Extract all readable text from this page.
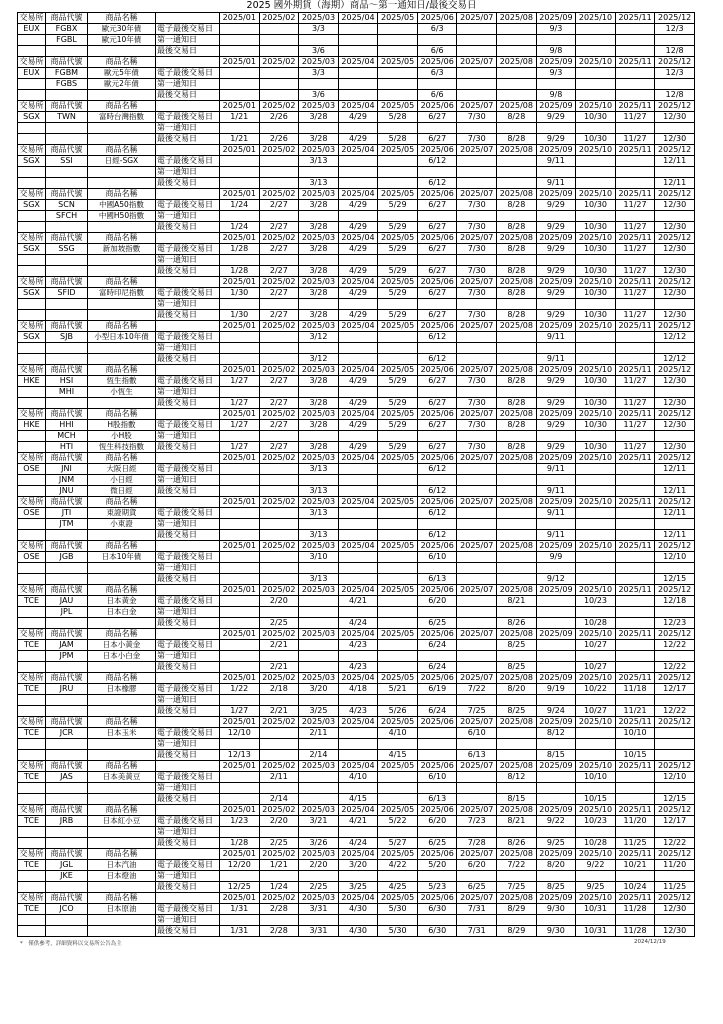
2025 國外期貨（海期）商品～第一通知日/最後交易日
交易所	商品代號	商品名稱		2025/01	2025/02	2025/03	2025/04	2025/05	2025/06	2025/07	2025/08	2025/09	2025/10	2025/11	2025/12
EUX	FGBX	歐元30年債	電子最後交易日			3/3			6/3			9/3			12/3
	FGBL	歐元10年債	第一通知日												
			最後交易日			3/6			6/6			9/8			12/8
交易所	商品代號	商品名稱		2025/01	2025/02	2025/03	2025/04	2025/05	2025/06	2025/07	2025/08	2025/09	2025/10	2025/11	2025/12
EUX	FGBM	歐元5年債	電子最後交易日			3/3			6/3			9/3			12/3
	FGBS	歐元2年債	第一通知日												
			最後交易日			3/6			6/6			9/8			12/8
交易所	商品代號	商品名稱		2025/01	2025/02	2025/03	2025/04	2025/05	2025/06	2025/07	2025/08	2025/09	2025/10	2025/11	2025/12
SGX	TWN	富時台灣指數	電子最後交易日	1/21	2/26	3/28	4/29	5/28	6/27	7/30	8/28	9/29	10/30	11/27	12/30
			第一通知日												
			最後交易日	1/21	2/26	3/28	4/29	5/28	6/27	7/30	8/28	9/29	10/30	11/27	12/30
交易所	商品代號	商品名稱		2025/01	2025/02	2025/03	2025/04	2025/05	2025/06	2025/07	2025/08	2025/09	2025/10	2025/11	2025/12
SGX	SSI	日經-SGX	電子最後交易日			3/13			6/12			9/11			12/11
			第一通知日												
			最後交易日			3/13			6/12			9/11			12/11
交易所	商品代號	商品名稱		2025/01	2025/02	2025/03	2025/04	2025/05	2025/06	2025/07	2025/08	2025/09	2025/10	2025/11	2025/12
SGX	SCN	中國A50指數	電子最後交易日	1/24	2/27	3/28	4/29	5/29	6/27	7/30	8/28	9/29	10/30	11/27	12/30
	SFCH	中國H50指數	第一通知日												
			最後交易日	1/24	2/27	3/28	4/29	5/29	6/27	7/30	8/28	9/29	10/30	11/27	12/30
交易所	商品代號	商品名稱		2025/01	2025/02	2025/03	2025/04	2025/05	2025/06	2025/07	2025/08	2025/09	2025/10	2025/11	2025/12
SGX	SSG	新加坡指數	電子最後交易日	1/28	2/27	3/28	4/29	5/29	6/27	7/30	8/28	9/29	10/30	11/27	12/30
			第一通知日												
			最後交易日	1/28	2/27	3/28	4/29	5/29	6/27	7/30	8/28	9/29	10/30	11/27	12/30
交易所	商品代號	商品名稱		2025/01	2025/02	2025/03	2025/04	2025/05	2025/06	2025/07	2025/08	2025/09	2025/10	2025/11	2025/12
SGX	SFID	富時印尼指數	電子最後交易日	1/30	2/27	3/28	4/29	5/29	6/27	7/30	8/28	9/29	10/30	11/27	12/30
			第一通知日												
			最後交易日	1/30	2/27	3/28	4/29	5/29	6/27	7/30	8/28	9/29	10/30	11/27	12/30
交易所	商品代號	商品名稱		2025/01	2025/02	2025/03	2025/04	2025/05	2025/06	2025/07	2025/08	2025/09	2025/10	2025/11	2025/12
SGX	SJB	小型日本10年債	電子最後交易日			3/12			6/12			9/11			12/12
			第一通知日												
			最後交易日			3/12			6/12			9/11			12/12
交易所	商品代號	商品名稱		2025/01	2025/02	2025/03	2025/04	2025/05	2025/06	2025/07	2025/08	2025/09	2025/10	2025/11	2025/12
HKE	HSI	恆生指數	電子最後交易日	1/27	2/27	3/28	4/29	5/29	6/27	7/30	8/28	9/29	10/30	11/27	12/30
	MHI	小恆生	第一通知日												
			最後交易日	1/27	2/27	3/28	4/29	5/29	6/27	7/30	8/28	9/29	10/30	11/27	12/30
交易所	商品代號	商品名稱		2025/01	2025/02	2025/03	2025/04	2025/05	2025/06	2025/07	2025/08	2025/09	2025/10	2025/11	2025/12
HKE	HHI	H股指數	電子最後交易日	1/27	2/27	3/28	4/29	5/29	6/27	7/30	8/28	9/29	10/30	11/27	12/30
	MCH	小H股	第一通知日												
	HTI	恆生科技指數	最後交易日	1/27	2/27	3/28	4/29	5/29	6/27	7/30	8/28	9/29	10/30	11/27	12/30
交易所	商品代號	商品名稱		2025/01	2025/02	2025/03	2025/04	2025/05	2025/06	2025/07	2025/08	2025/09	2025/10	2025/11	2025/12
OSE	JNI	大阪日經	電子最後交易日			3/13			6/12			9/11			12/11
	JNM	小日經	第一通知日												
	JNU	微日經	最後交易日			3/13			6/12			9/11			12/11
交易所	商品代號	商品名稱		2025/01	2025/02	2025/03	2025/04	2025/05	2025/06	2025/07	2025/08	2025/09	2025/10	2025/11	2025/12
OSE	JTI	東證期貨	電子最後交易日			3/13			6/12			9/11			12/11
	JTM	小東證	第一通知日												
			最後交易日			3/13			6/12			9/11			12/11
交易所	商品代號	商品名稱		2025/01	2025/02	2025/03	2025/04	2025/05	2025/06	2025/07	2025/08	2025/09	2025/10	2025/11	2025/12
OSE	JGB	日本10年債	電子最後交易日			3/10			6/10			9/9			12/10
			第一通知日												
			最後交易日			3/13			6/13			9/12			12/15
交易所	商品代號	商品名稱		2025/01	2025/02	2025/03	2025/04	2025/05	2025/06	2025/07	2025/08	2025/09	2025/10	2025/11	2025/12
TCE	JAU	日本黃金	電子最後交易日		2/20		4/21		6/20		8/21		10/23		12/18
	JPL	日本白金	第一通知日												
			最後交易日		2/25		4/24		6/25		8/26		10/28		12/23
交易所	商品代號	商品名稱		2025/01	2025/02	2025/03	2025/04	2025/05	2025/06	2025/07	2025/08	2025/09	2025/10	2025/11	2025/12
TCE	JAM	日本小黃金	電子最後交易日		2/21		4/23		6/24		8/25		10/27		12/22
	JPM	日本小白金	第一通知日												
			最後交易日		2/21		4/23		6/24		8/25		10/27		12/22
交易所	商品代號	商品名稱		2025/01	2025/02	2025/03	2025/04	2025/05	2025/06	2025/07	2025/08	2025/09	2025/10	2025/11	2025/12
TCE	JRU	日本橡膠	電子最後交易日	1/22	2/18	3/20	4/18	5/21	6/19	7/22	8/20	9/19	10/22	11/18	12/17
			第一通知日												
			最後交易日	1/27	2/21	3/25	4/23	5/26	6/24	7/25	8/25	9/24	10/27	11/21	12/22
交易所	商品代號	商品名稱		2025/01	2025/02	2025/03	2025/04	2025/05	2025/06	2025/07	2025/08	2025/09	2025/10	2025/11	2025/12
TCE	JCR	日本玉米	電子最後交易日	12/10		2/11		4/10		6/10		8/12		10/10	
			第一通知日												
			最後交易日	12/13		2/14		4/15		6/13		8/15		10/15	
交易所	商品代號	商品名稱		2025/01	2025/02	2025/03	2025/04	2025/05	2025/06	2025/07	2025/08	2025/09	2025/10	2025/11	2025/12
TCE	JAS	日本美黃豆	電子最後交易日		2/11		4/10		6/10		8/12		10/10		12/10
			第一通知日												
			最後交易日		2/14		4/15		6/13		8/15		10/15		12/15
交易所	商品代號	商品名稱		2025/01	2025/02	2025/03	2025/04	2025/05	2025/06	2025/07	2025/08	2025/09	2025/10	2025/11	2025/12
TCE	JRB	日本紅小豆	電子最後交易日	1/23	2/20	3/21	4/21	5/22	6/20	7/23	8/21	9/22	10/23	11/20	12/17
			第一通知日												
			最後交易日	1/28	2/25	3/26	4/24	5/27	6/25	7/28	8/26	9/25	10/28	11/25	12/22
交易所	商品代號	商品名稱		2025/01	2025/02	2025/03	2025/04	2025/05	2025/06	2025/07	2025/08	2025/09	2025/10	2025/11	2025/12
TCE	JGL	日本汽油	電子最後交易日	12/20	1/21	2/20	3/20	4/22	5/20	6/20	7/22	8/20	9/22	10/21	11/20
	JKE	日本燈油	第一通知日												
			最後交易日	12/25	1/24	2/25	3/25	4/25	5/23	6/25	7/25	8/25	9/25	10/24	11/25
交易所	商品代號	商品名稱		2025/01	2025/02	2025/03	2025/04	2025/05	2025/06	2025/07	2025/08	2025/09	2025/10	2025/11	2025/12
TCE	JCO	日本原油	電子最後交易日	1/31	2/28	3/31	4/30	5/30	6/30	7/31	8/29	9/30	10/31	11/28	12/30
			第一通知日												
			最後交易日	1/31	2/28	3/31	4/30	5/30	6/30	7/31	8/29	9/30	10/31	11/28	12/30
*　僅供參考，詳細資料以交易所公告為主	2024/12/19
